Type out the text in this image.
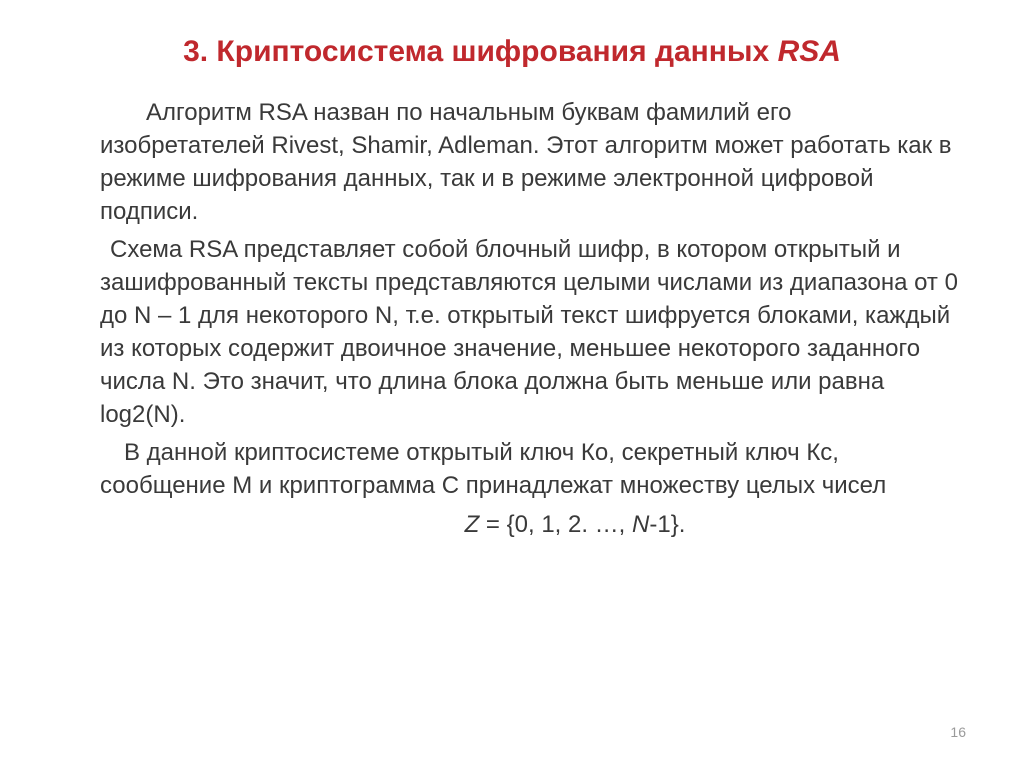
3. Криптосистема шифрования данных RSA

Алгоритм RSA назван по начальным буквам фамилий его изобретателей Rivest, Shamir, Adleman. Этот алгоритм может работать как в режиме шифрования данных, так и в режиме электронной цифровой подписи.

Схема RSA представляет собой блочный шифр, в котором открытый и зашифрованный тексты представляются целыми числами из диапазона от 0 до N – 1 для некоторого N, т.е. открытый текст шифруется блоками, каждый из которых содержит двоичное значение, меньшее некоторого заданного числа N. Это значит, что длина блока должна быть меньше или равна log2(N).

В данной криптосистеме открытый ключ Ко, секретный ключ Кс, сообщение М и криптограмма С принадлежат множеству целых чисел

Z = {0, 1, 2. …, N-1}.
16
